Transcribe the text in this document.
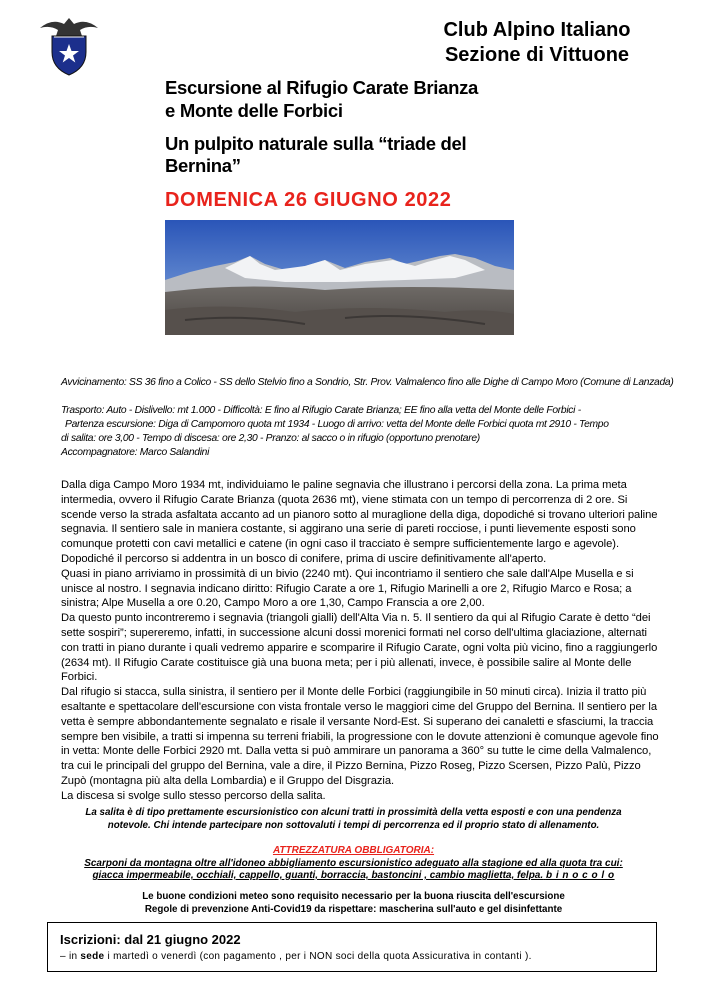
Club Alpino Italiano
Sezione di Vittuone
Escursione al Rifugio Carate Brianza
e Monte delle Forbici
Un pulpito naturale sulla “triade del
Bernina”
DOMENICA 26 GIUGNO 2022
Avvicinamento: SS 36 fino a Colico - SS dello Stelvio fino a Sondrio, Str. Prov. Valmalenco fino alle Dighe di Campo Moro (Comune di Lanzada)
Trasporto: Auto - Dislivello: mt 1.000 - Difficoltà: E fino al Rifugio Carate Brianza; EE fino alla vetta del Monte delle Forbici -
Partenza escursione: Diga di Campomoro quota mt 1934 - Luogo di arrivo: vetta del Monte delle Forbici quota mt 2910 - Tempo
di salita: ore 3,00 - Tempo di discesa: ore 2,30 - Pranzo: al sacco o in rifugio (opportuno prenotare)
Accompagnatore: Marco Salandini

Dalla diga Campo Moro 1934 mt, individuiamo le paline segnavia che illustrano i percorsi della zona. La prima meta intermedia, ovvero il Rifugio Carate Brianza (quota 2636 mt), viene stimata con un tempo di percorrenza di 2 ore. Si scende verso la strada asfaltata accanto ad un pianoro sotto al muraglione della diga, dopodiché si trovano ulteriori paline segnavia. Il sentiero sale in maniera costante, si aggirano una serie di pareti rocciose, i punti lievemente esposti sono comunque protetti con cavi metallici e catene (in ogni caso il tracciato è sempre sufficientemente largo e agevole). Dopodiché il percorso si addentra in un bosco di conifere, prima di uscire definitivamente all'aperto.

Quasi in piano arriviamo in prossimità di un bivio (2240 mt). Qui incontriamo il sentiero che sale dall'Alpe Musella e si unisce al nostro. I segnavia indicano diritto: Rifugio Carate a ore 1, Rifugio Marinelli a ore 2, Rifugio Marco e Rosa; a sinistra; Alpe Musella a ore 0.20, Campo Moro a ore 1,30, Campo Franscia a ore 2,00.

Da questo punto incontreremo i segnavia (triangoli gialli) dell'Alta Via n. 5. Il sentiero da qui al Rifugio Carate è detto “dei sette sospiri”; supereremo, infatti, in successione alcuni dossi morenici formati nel corso dell'ultima glaciazione, alternati con tratti in piano durante i quali vedremo apparire e scomparire il Rifugio Carate, ogni volta più vicino, fino a raggiungerlo (2634 mt). Il Rifugio Carate costituisce già una buona meta; per i più allenati, invece, è possibile salire al Monte delle Forbici.

Dal rifugio si stacca, sulla sinistra, il sentiero per il Monte delle Forbici (raggiungibile in 50 minuti circa). Inizia il tratto più esaltante e spettacolare dell'escursione con vista frontale verso le maggiori cime del Gruppo del Bernina. Il sentiero per la vetta è sempre abbondantemente segnalato e risale il versante Nord-Est. Si superano dei canaletti e sfasciumi, la traccia sempre ben visibile, a tratti si impenna su terreni friabili, la progressione con le dovute attenzioni è comunque agevole fino in vetta: Monte delle Forbici 2920 mt. Dalla vetta si può ammirare un panorama a 360° su tutte le cime della Valmalenco, tra cui le principali del gruppo del Bernina, vale a dire, il Pizzo Bernina, Pizzo Roseg, Pizzo Scersen, Pizzo Palù, Pizzo Zupò (montagna più alta della Lombardia) e il Gruppo del Disgrazia.

La discesa si svolge sullo stesso percorso della salita.

La salita è di tipo prettamente escursionistico con alcuni tratti in prossimità della vetta esposti e con una pendenza
notevole. Chi intende partecipare non sottovaluti i tempi di percorrenza ed il proprio stato di allenamento.
ATTREZZATURA OBBLIGATORIA:
Scarponi da montagna oltre all'idoneo abbigliamento escursionistico adeguato alla stagione ed alla quota tra cui:
giacca impermeabile, occhiali, cappello, guanti, borraccia, bastoncini , cambio maglietta, felpa. b i n o c o l o
Le buone condizioni meteo sono requisito necessario per la buona riuscita dell'escursione
Regole di prevenzione Anti-Covid19 da rispettare: mascherina sull'auto e gel disinfettante
Iscrizioni: dal 21 giugno 2022
– in sede i martedì o venerdì (con pagamento , per i NON soci della quota Assicurativa in contanti ).
